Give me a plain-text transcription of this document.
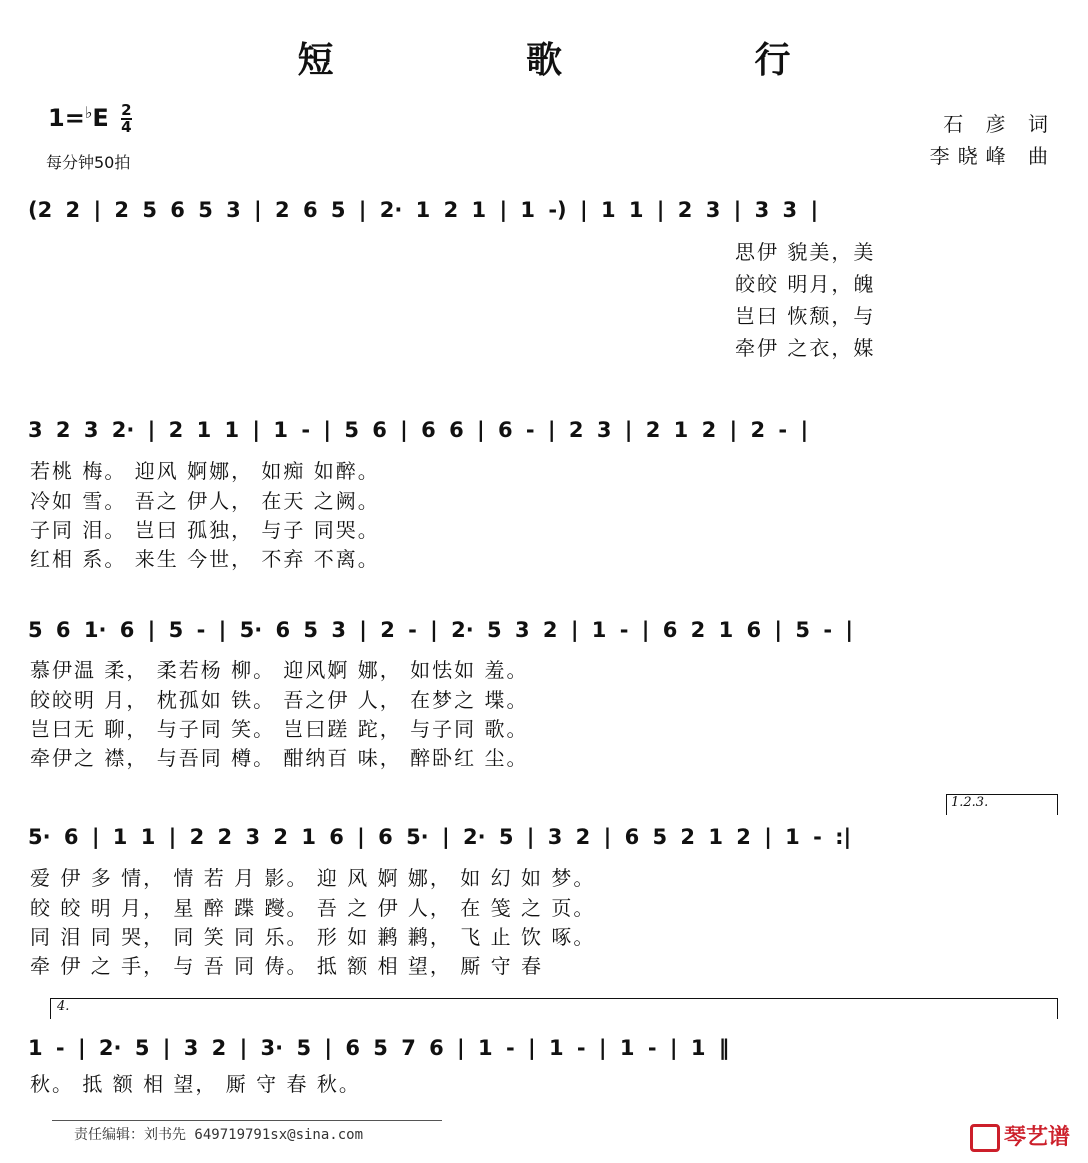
短 歌 行
$1=^♭E \frac{2}{4}$
每分钟50拍
石 彦 词
李晓峰 曲
(2 2 | 2 5 6 5 3 | 2 6 5 | 2· 1 2 1 | 1 -) | 1 1 | 2 3 | 3 3 |
思伊 貌美，美
皎皎 明月，魄
岂曰 恢颓，与
牵伊 之衣，媒
3 2 3 2· | 2 1 1 | 1 - | 5 6 | 6 6 | 6 - | 2 3 | 2 1 2 | 2 - |
若桃 梅。 迎风 婀娜， 如痴 如醉。
冷如 雪。 吾之 伊人， 在天 之阙。
子同 泪。 岂曰 孤独， 与子 同哭。
红相 系。 来生 今世， 不弃 不离。
5 6 1· 6 | 5 - | 5· 6 5 3 | 2 - | 2· 5 3 2 | 1 - | 6 2 1 6 | 5 - |
慕伊温 柔， 柔若杨 柳。 迎风婀 娜， 如怯如 羞。
皎皎明 月， 枕孤如 铁。 吾之伊 人， 在梦之 堞。
岂曰无 聊， 与子同 笑。 岂曰蹉 跎， 与子同 歌。
牵伊之 襟， 与吾同 樽。 酣纳百 味， 醉卧红 尘。
1.2.3.
5· 6 | 1 1 | 2 2 3 2 1 6 | 6 5· | 2· 5 | 3 2 | 6 5 2 1 2 | 1 - :|
爱 伊 多 情， 情 若 月 影。 迎 风 婀 娜， 如 幻 如 梦。
皎 皎 明 月， 星 醉 蹀 躞。 吾 之 伊 人， 在 笺 之 页。
同 泪 同 哭， 同 笑 同 乐。 形 如 鹣 鹣， 飞 止 饮 啄。
牵 伊 之 手， 与 吾 同 俦。 抵 额 相 望， 厮 守 春
4.
1 - | 2· 5 | 3 2 | 3· 5 | 6 5 7 6 | 1 - | 1 - | 1 - | 1 ‖
秋。 抵 额 相 望， 厮 守 春 秋。
责任编辑：刘书先 649719791sx@sina.com	琴艺谱
